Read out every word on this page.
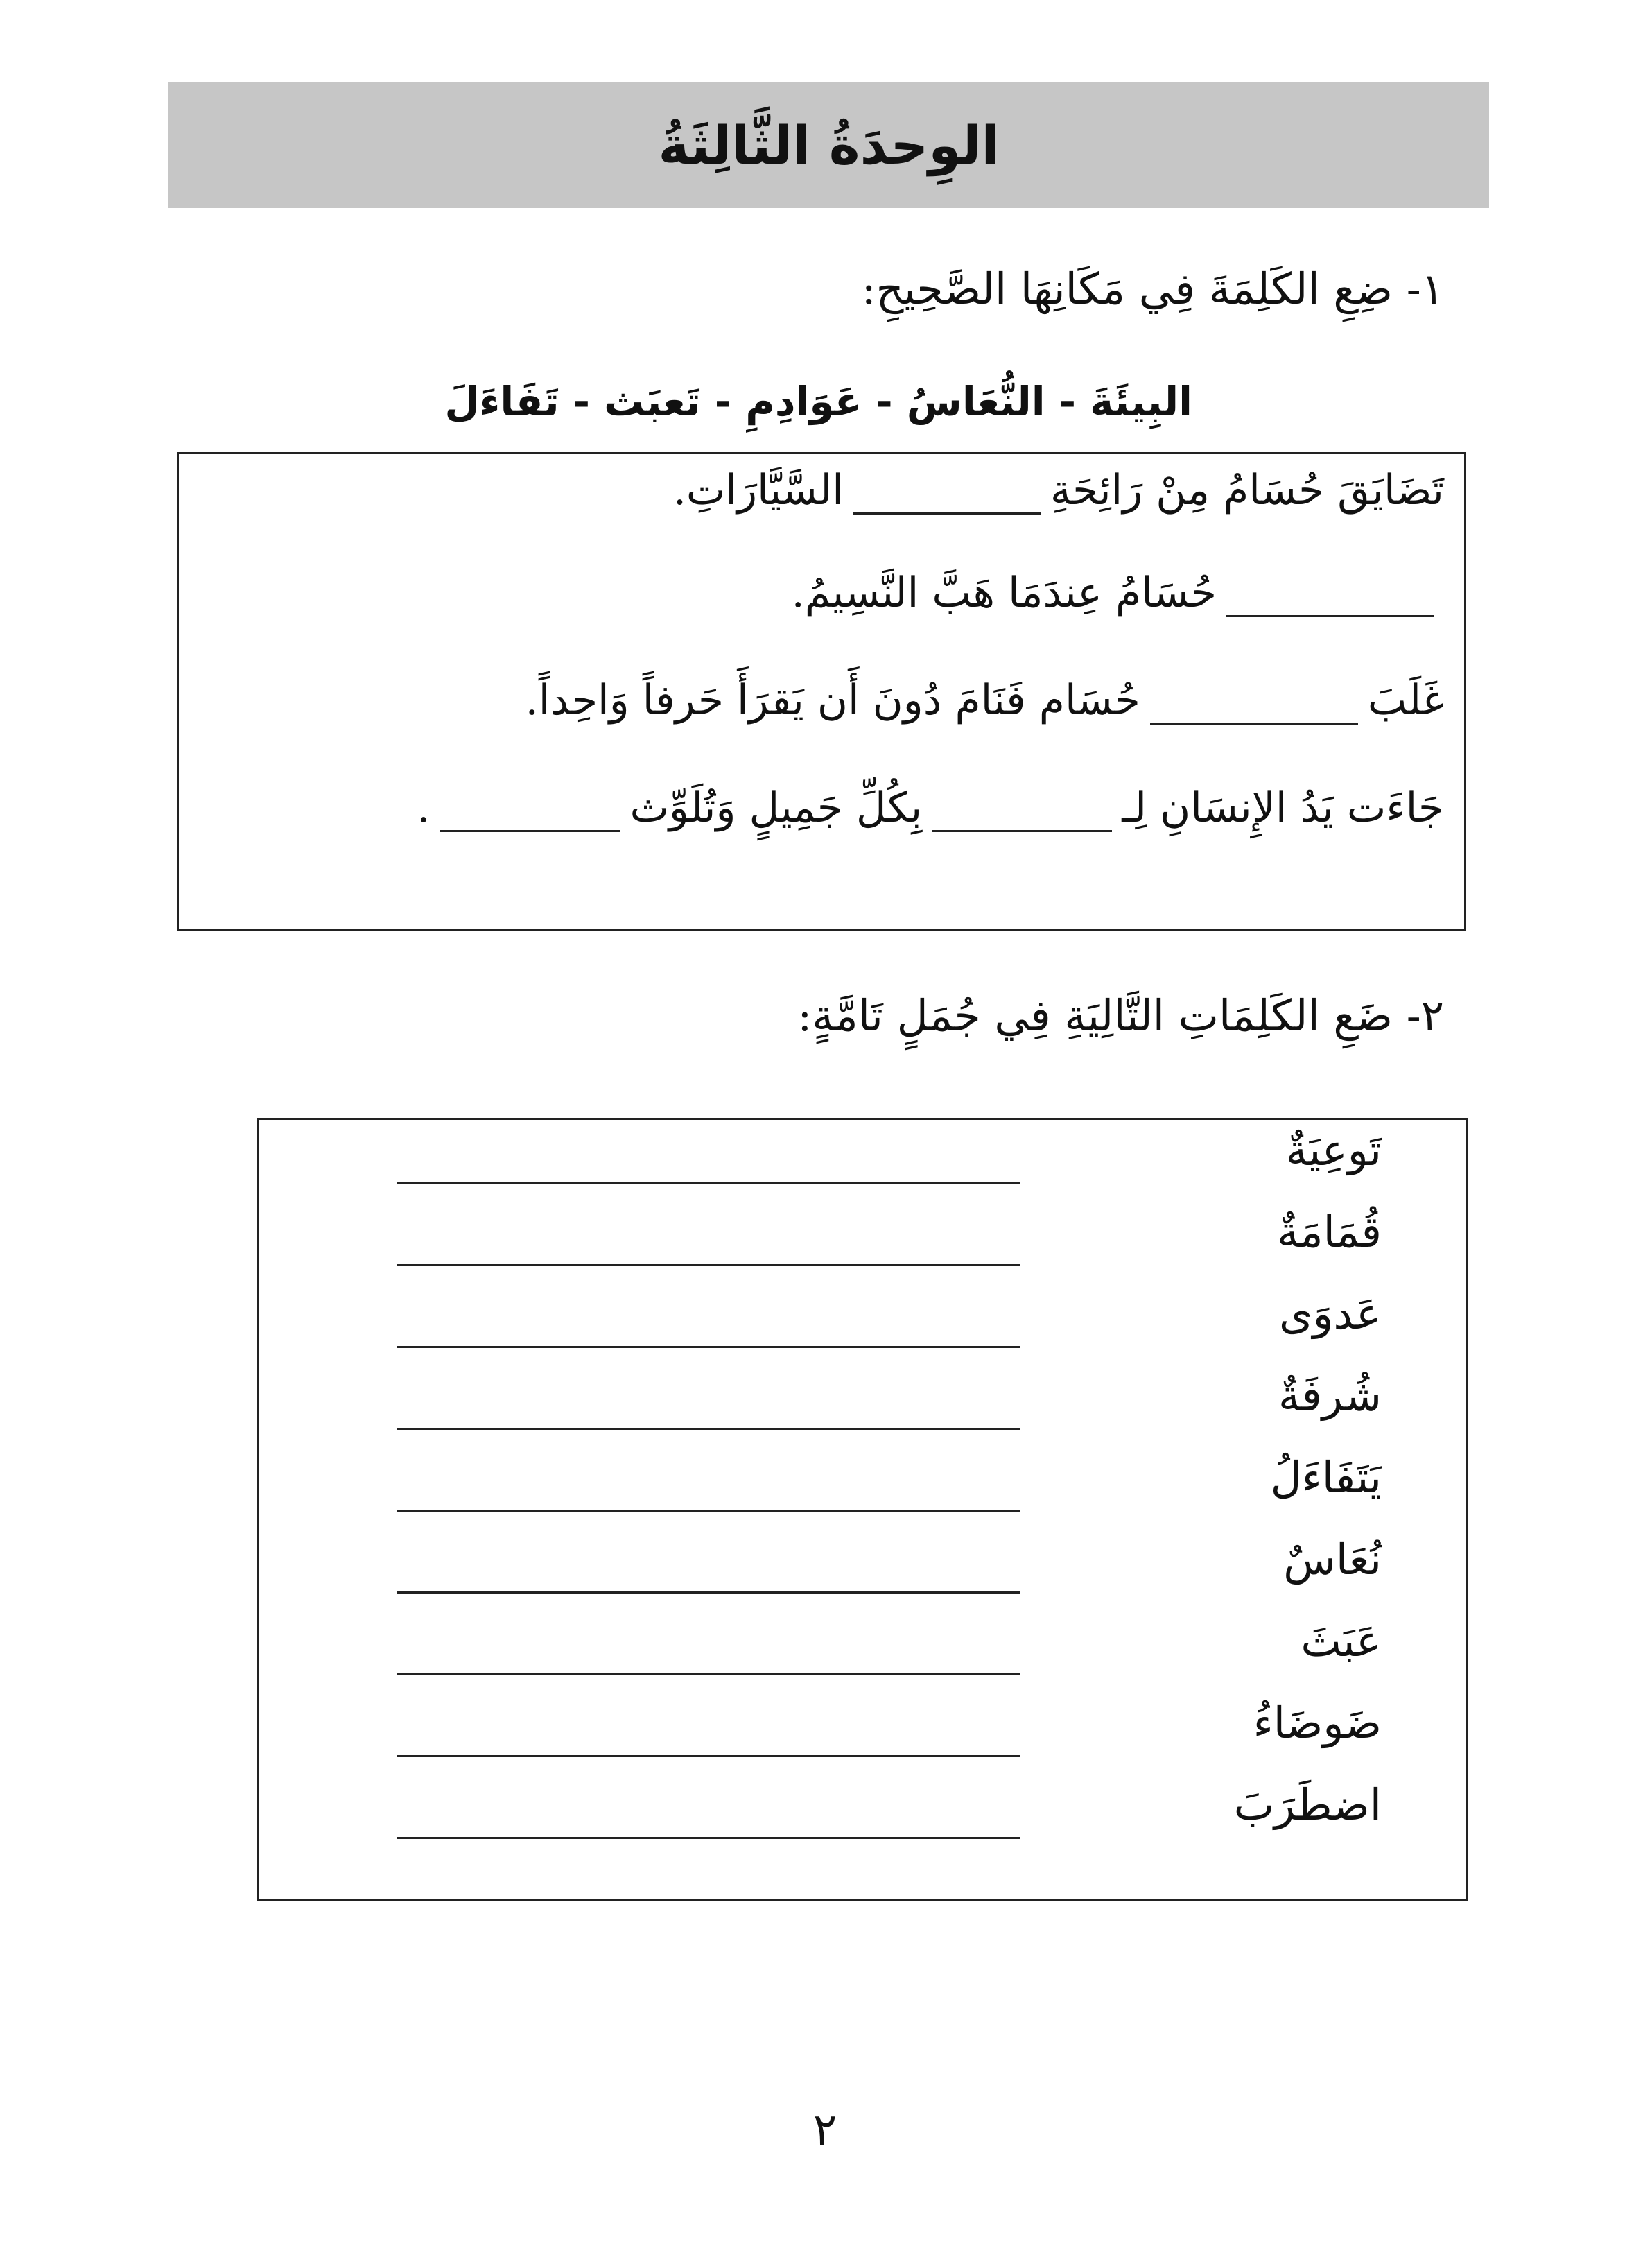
الوِحدَةُ الثَّالِثَةُ
١- ضِعِ الكَلِمَةَ فِي مَكَانِهَا الصَّحِيحِ:
البِيئَةَ - النُّعَاسُ - عَوَادِمِ - تَعبَث - تَفَاءَلَ
تَضَايَقَ حُسَامُ مِنْ رَائِحَةِ
السَّيَّارَاتِ.
حُسَامُ عِندَمَا هَبَّ النَّسِيمُ.
غَلَبَ
حُسَام فَنَامَ دُونَ أَن يَقرَأَ حَرفاً وَاحِداً.
جَاءَت يَدُ الإِنسَانِ لِـ
بِكُلِّ جَمِيلٍ وَتُلَوِّث
.
٢- ضَعِ الكَلِمَاتِ التَّالِيَةِ فِي جُمَلٍ تَامَّةٍ:
تَوعِيَةٌ
قُمَامَةٌ
عَدوَى
شُرفَةٌ
يَتَفَاءَلُ
نُعَاسٌ
عَبَثَ
ضَوضَاءُ
اضطَرَبَ
٢
